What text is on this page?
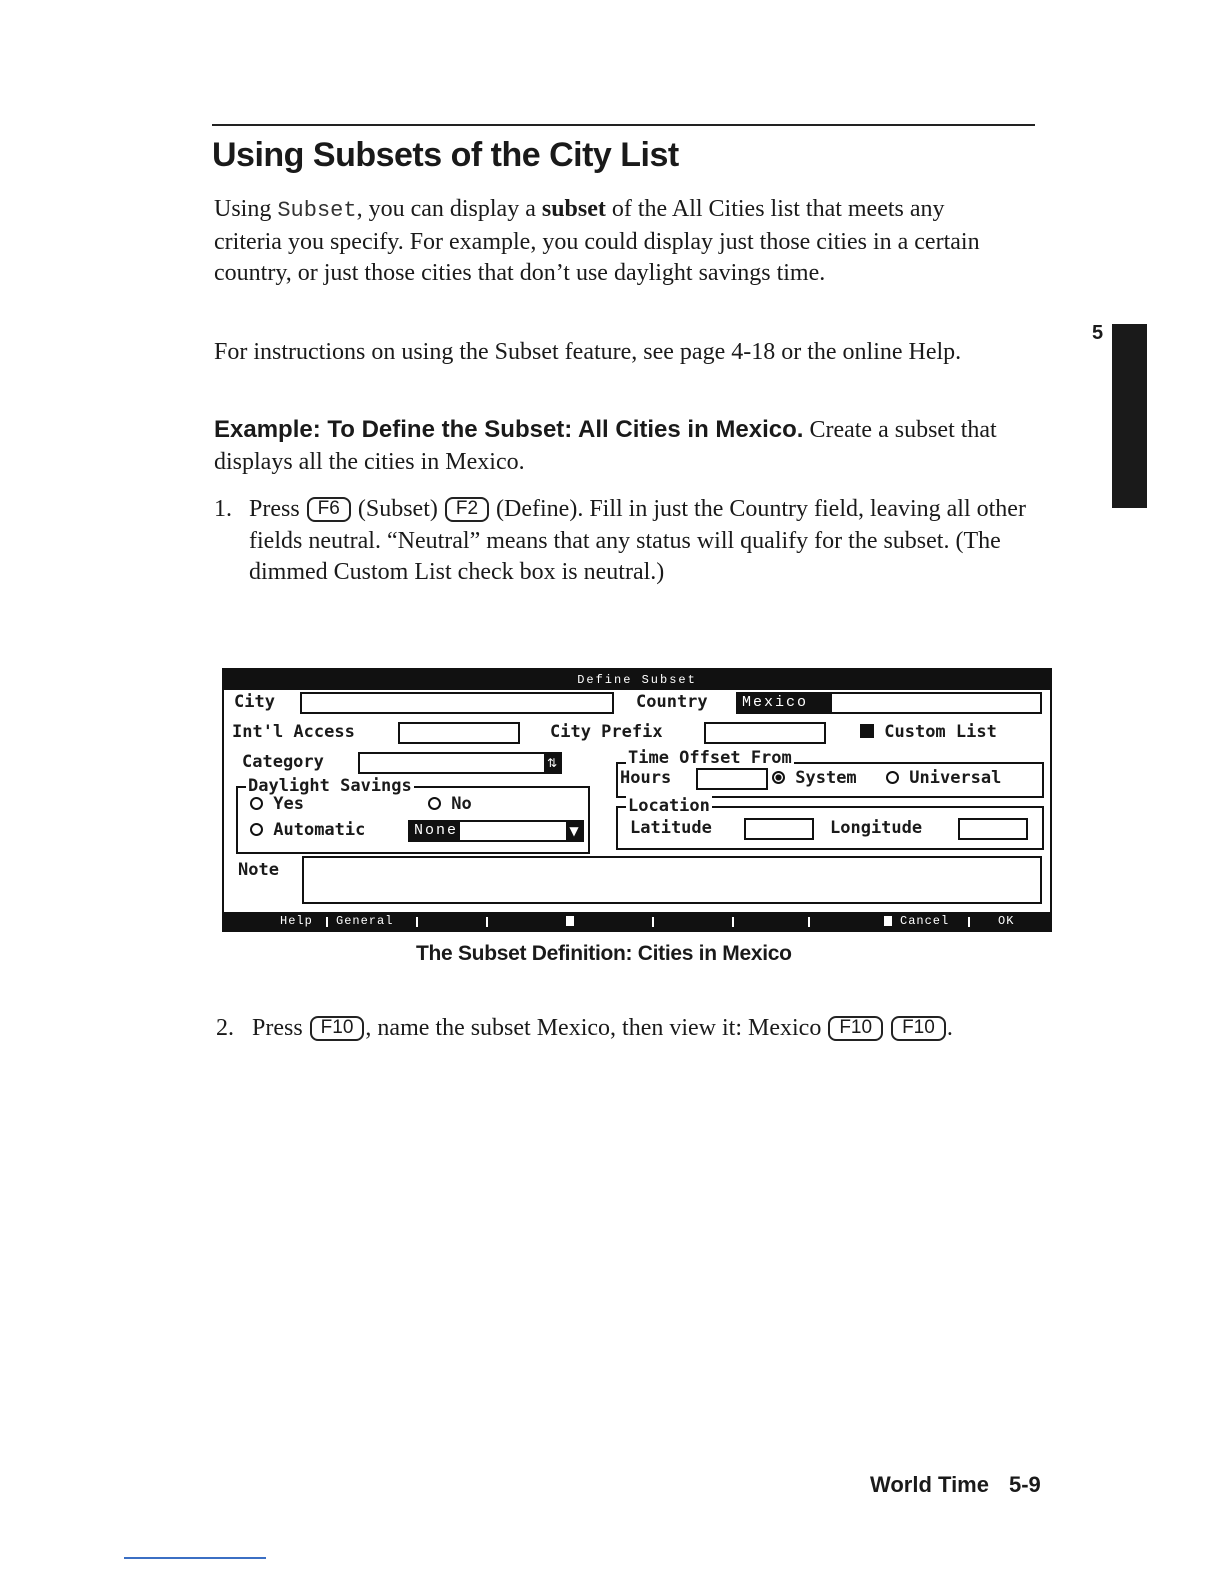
Using Subsets of the City List
5

Using Subset, you can display a subset of the All Cities list that meets any criteria you specify. For example, you could display just those cities in a certain country, or just those cities that don’t use daylight savings time.

For instructions on using the Subset feature, see page 4-18 or the online Help.

Example: To Define the Subset: All Cities in Mexico. Create a subset that displays all the cities in Mexico.

1. Press F6 (Subset) F2 (Define). Fill in just the Country field, leaving all other fields neutral. “Neutral” means that any status will qualify for the subset. (The dimmed Custom List check box is neutral.)

Define Subset
City	Country Mexico
Int'l Access	City Prefix	Custom List
Category	⇅
Daylight Savings
Yes	No
Automatic	None	▼
Time Offset From
Hours	System	Universal
Location
Latitude	Longitude
Note
Help General	Cancel	OK
The Subset Definition: Cities in Mexico
2. Press F10 , name the subset Mexico, then view it: Mexico F10 F10 .

World Time 5-9
